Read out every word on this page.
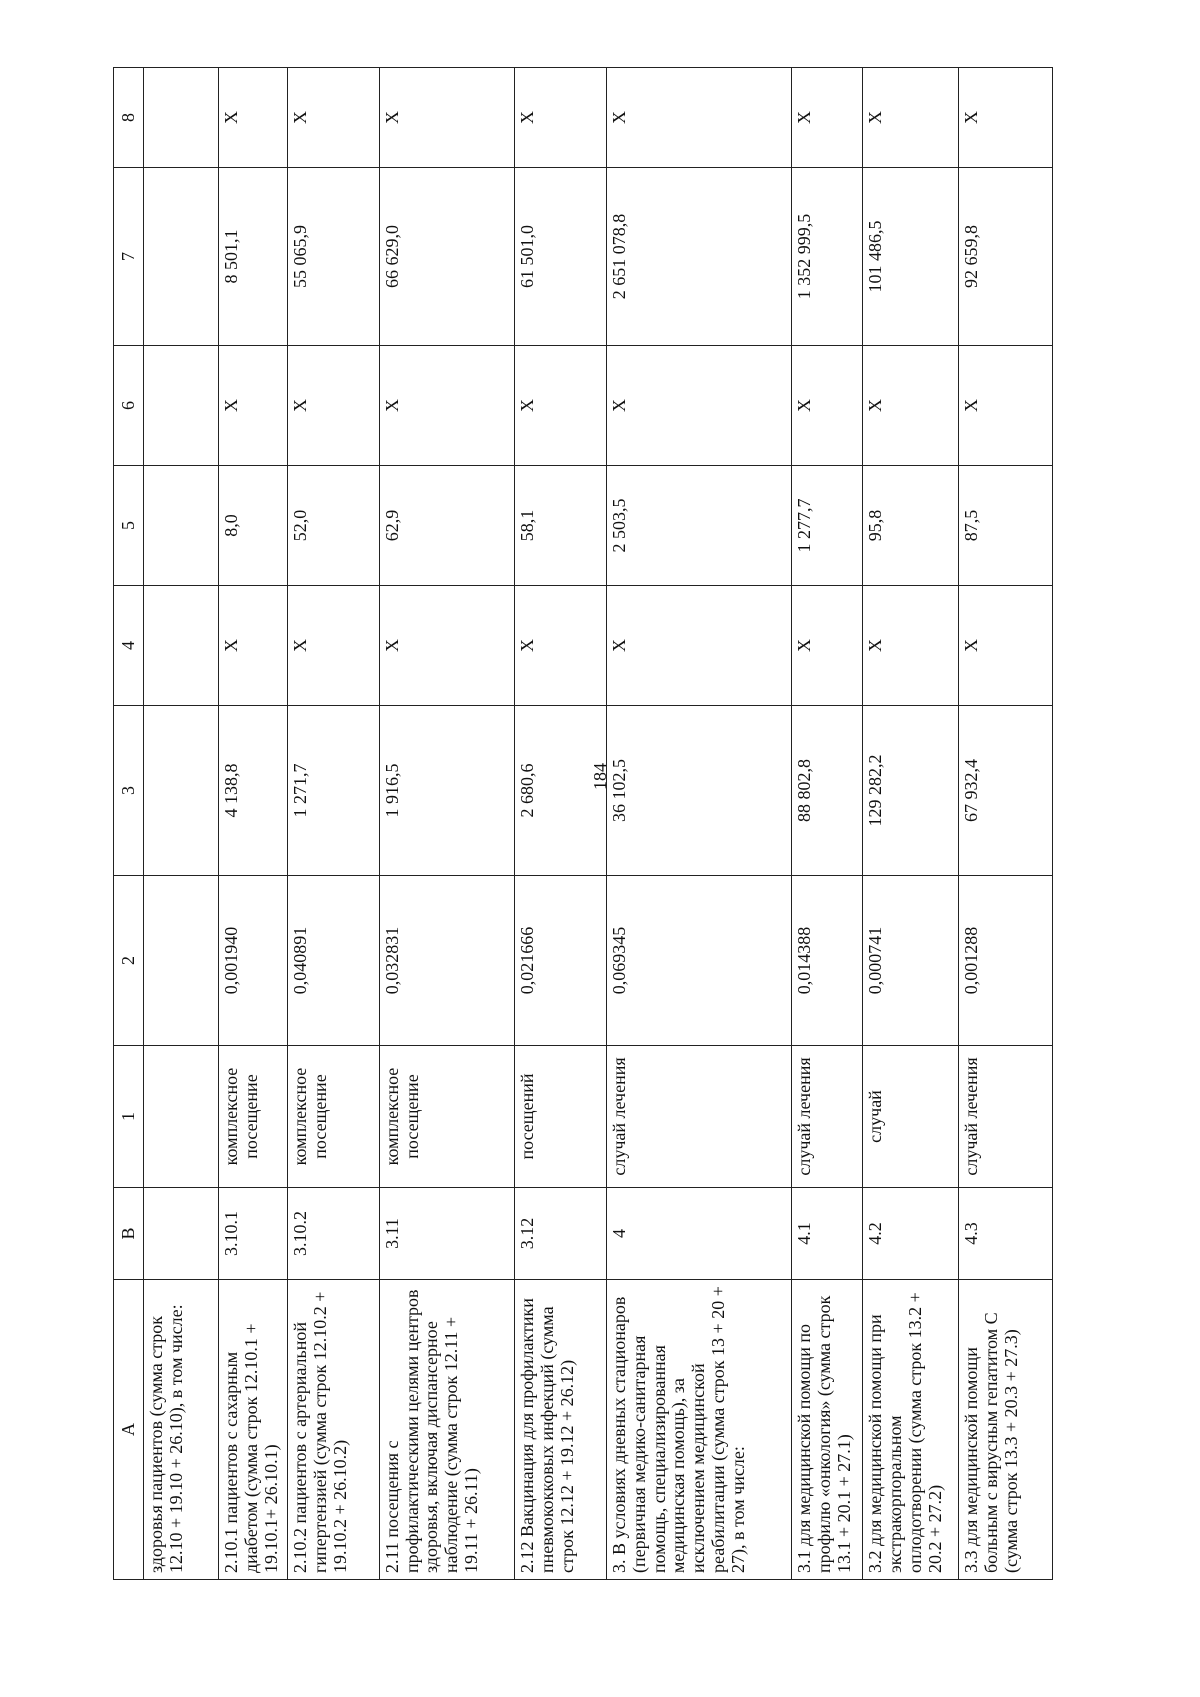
184
A	B	1	2	3	4	5	6	7	8
здоровья пациентов (сумма строк 12.10 + 19.10 + 26.10), в том числе:									
2.10.1 пациентов с сахарным диабетом (сумма строк 12.10.1 + 19.10.1+ 26.10.1)	3.10.1	комплексное посещение	0,001940	4 138,8	Х	8,0	Х	8 501,1	Х
2.10.2 пациентов с артериальной гипертензией (сумма строк 12.10.2 + 19.10.2 + 26.10.2)	3.10.2	комплексное посещение	0,040891	1 271,7	Х	52,0	Х	55 065,9	Х
2.11 посещения с профилактическими целями центров здоровья, включая диспансерное наблюдение (сумма строк 12.11 + 19.11 + 26.11)	3.11	комплексное посещение	0,032831	1 916,5	Х	62,9	Х	66 629,0	Х
2.12 Вакцинация для профилактики пневмококковых инфекций (сумма строк 12.12 + 19.12 + 26.12)	3.12	посещений	0,021666	2 680,6	Х	58,1	Х	61 501,0	Х
3. В условиях дневных стационаров (первичная медико-санитарная помощь, специализированная медицинская помощь), за исключением медицинской реабилитации (сумма строк 13 + 20 + 27), в том числе:	4	случай лечения	0,069345	36 102,5	Х	2 503,5	Х	2 651 078,8	Х
3.1 для медицинской помощи по профилю «онкология» (сумма строк 13.1 + 20.1 + 27.1)	4.1	случай лечения	0,014388	88 802,8	Х	1 277,7	Х	1 352 999,5	Х
3.2 для медицинской помощи при экстракорпоральном оплодотворении (сумма строк 13.2 + 20.2 + 27.2)	4.2	случай	0,000741	129 282,2	Х	95,8	Х	101 486,5	Х
3.3 для медицинской помощи больным с вирусным гепатитом С (сумма строк 13.3 + 20.3 + 27.3)	4.3	случай лечения	0,001288	67 932,4	Х	87,5	Х	92 659,8	Х
